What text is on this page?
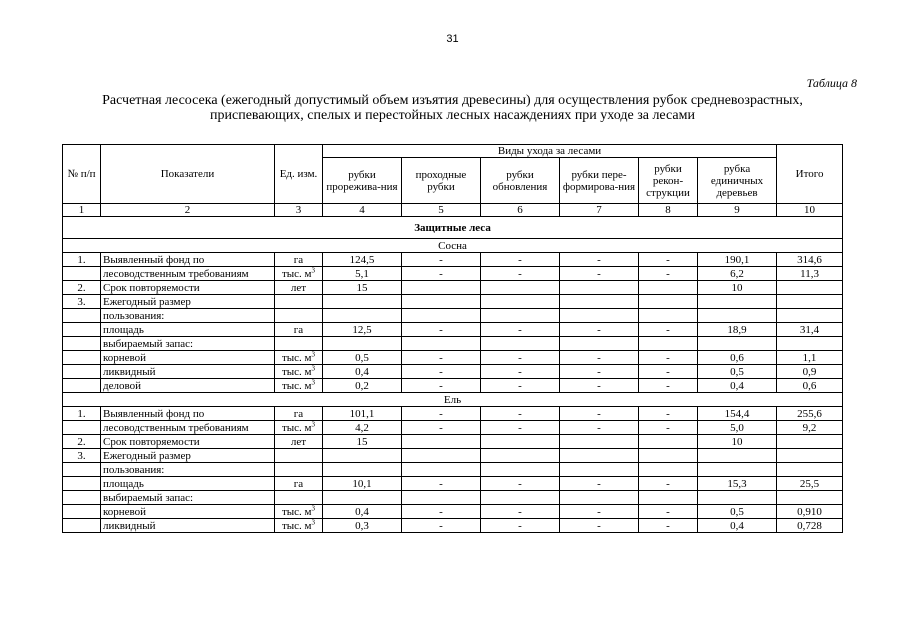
31
Таблица 8
Расчетная лесосека (ежегодный допустимый объем изъятия древесины) для осуществления рубок средневозрастных,
приспевающих, спелых и перестойных лесных насаждениях при уходе за лесами
№ п/п	Показатели	Ед. изм.	Виды ухода за лесами						Итого
			рубки прорежива-ния	проходные рубки	рубки обновления	рубки пере-формирова-ния	рубки рекон-струкции	рубка единичных деревьев	
1	2	3	4	5	6	7	8	9	10
Защитные леса									
Сосна									
1.	Выявленный фонд по	га	124,5	-	-	-	-	190,1	314,6
	лесоводственным требованиям	тыс. $м^3$	5,1	-	-	-	-	6,2	11,3
2.	Срок повторяемости	лет	15					10	
3.	Ежегодный размер								
	пользования:								
	площадь	га	12,5	-	-	-	-	18,9	31,4
	выбираемый запас:								
	корневой	тыс. $м^3$	0,5	-	-	-	-	0,6	1,1
	ликвидный	тыс. $м^3$	0,4	-	-	-	-	0,5	0,9
	деловой	тыс. $м^3$	0,2	-	-	-	-	0,4	0,6
Ель									
1.	Выявленный фонд по	га	101,1	-	-	-	-	154,4	255,6
	лесоводственным требованиям	тыс. $м^3$	4,2	-	-	-	-	5,0	9,2
2.	Срок повторяемости	лет	15					10	
3.	Ежегодный размер								
	пользования:								
	площадь	га	10,1	-	-	-	-	15,3	25,5
	выбираемый запас:								
	корневой	тыс. $м^3$	0,4	-	-	-	-	0,5	0,910
	ликвидный	тыс. $м^3$	0,3	-	-	-	-	0,4	0,728
